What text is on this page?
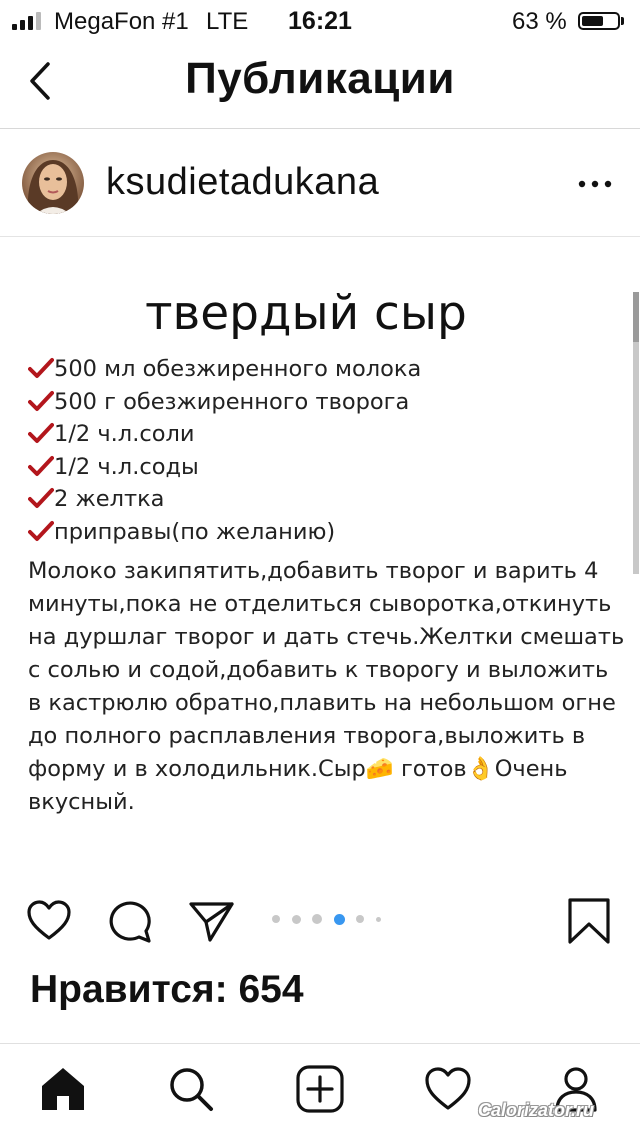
MegaFon #1 LTE	16:21	63 %
Публикации
ksudietadukana
твердый сыр
500 мл обезжиренного молока
500 г обезжиренного творога
1/2 ч.л.соли
1/2 ч.л.соды
2 желтка
приправы(по желанию)
Молоко закипятить,добавить творог и варить 4 минуты,пока не отделиться сыворотка,откинуть на дуршлаг творог и дать стечь.Желтки смешать с солью и содой,добавить к творогу и выложить в кастрюлю обратно,плавить на небольшом огне до полного расплавления творога,выложить в форму и в холодильник.Сыр🧀 готов👌Очень вкусный.
Нравится: 654
Calorizator.ru
